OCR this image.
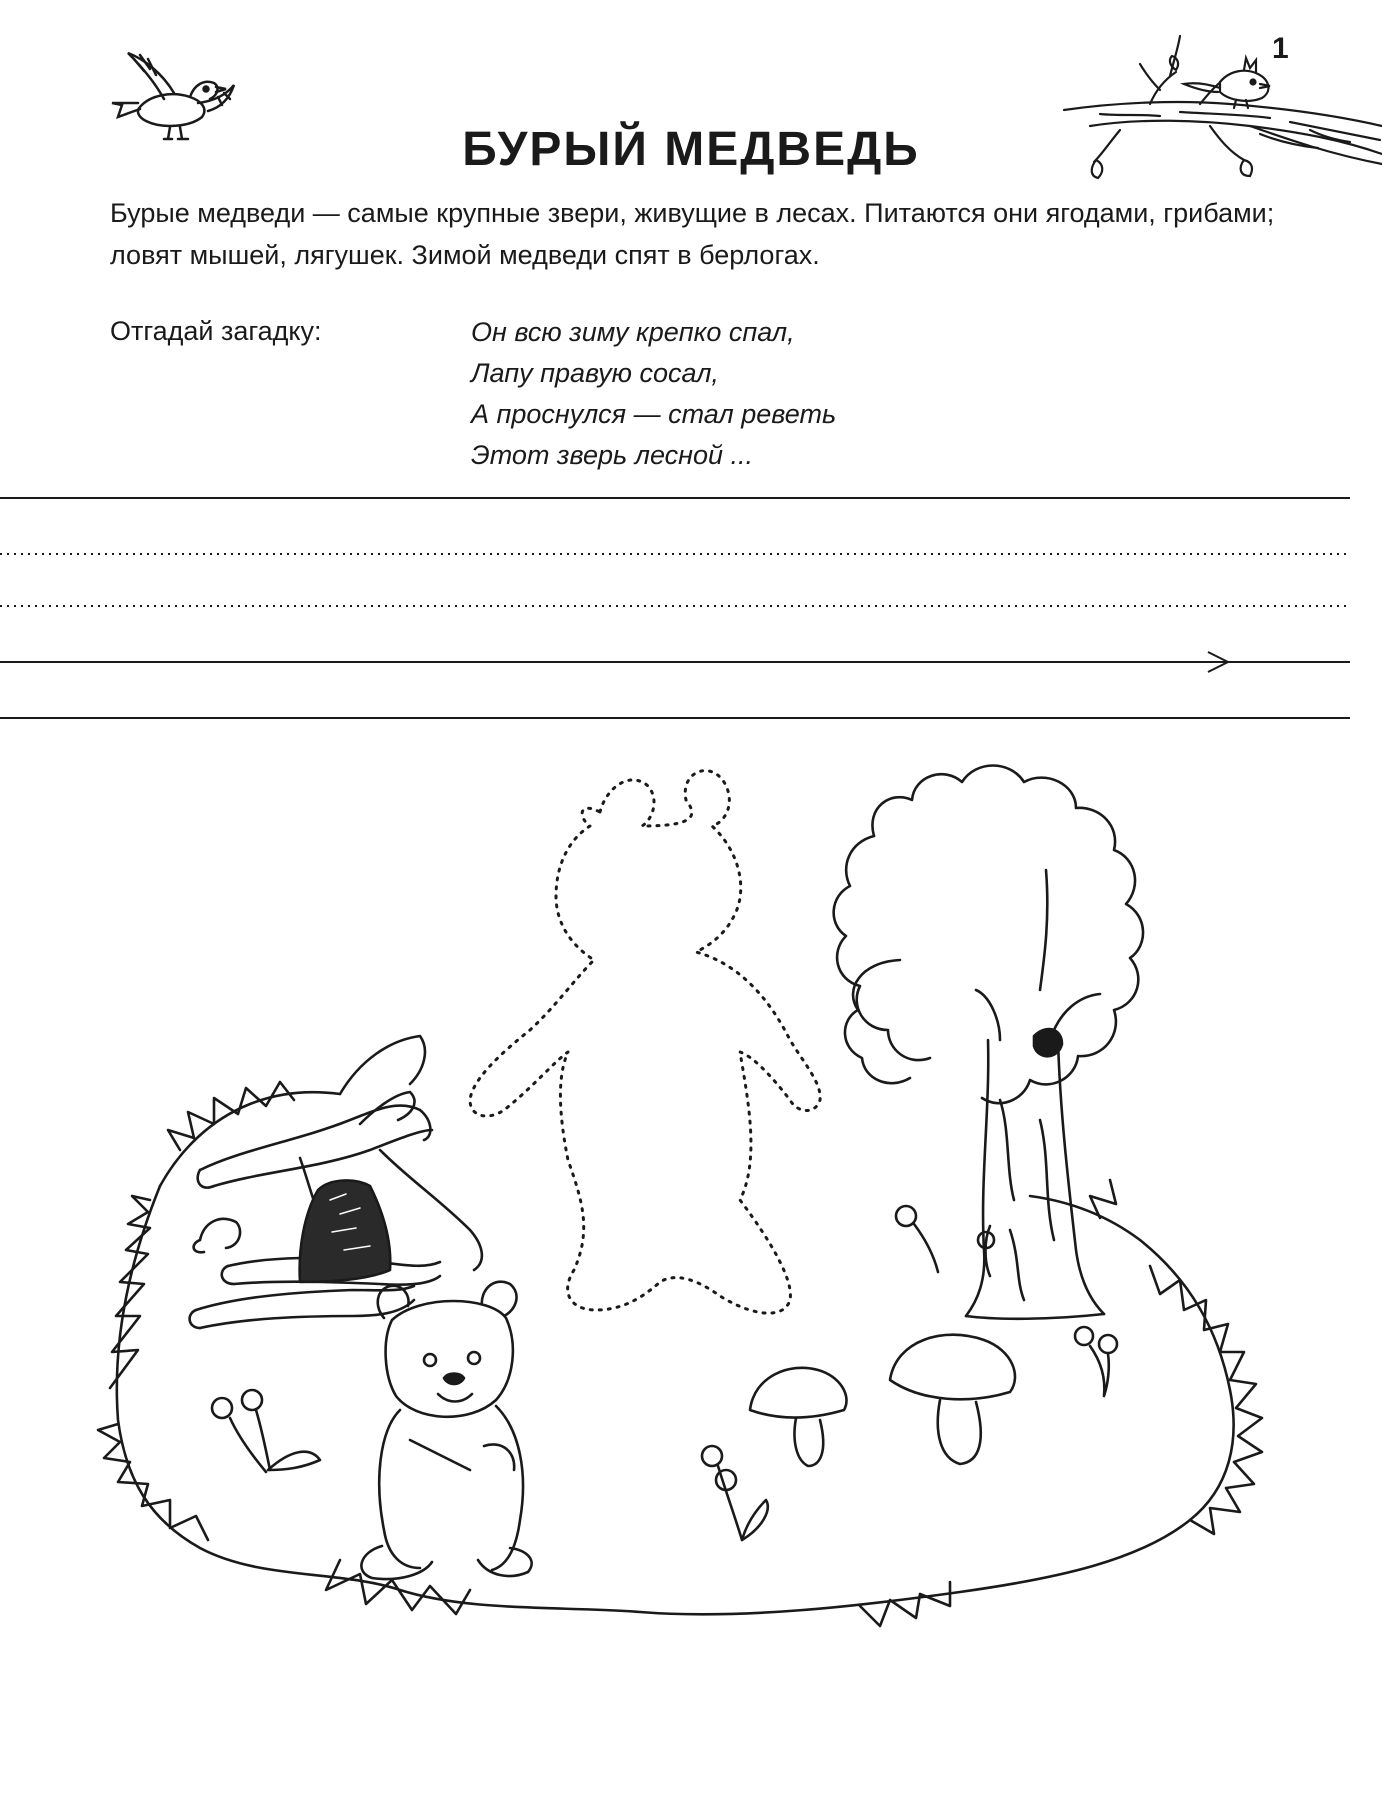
1
БУРЫЙ МЕДВЕДЬ

Бурые медведи — самые крупные звери, живущие в лесах. Питаются они ягодами, грибами; ловят мышей, лягушек. Зимой медведи спят в берлогах.

Отгадай загадку:	Он всю зиму крепко спал,
Лапу правую сосал,
А проснулся — стал реветь
Этот зверь лесной ...
